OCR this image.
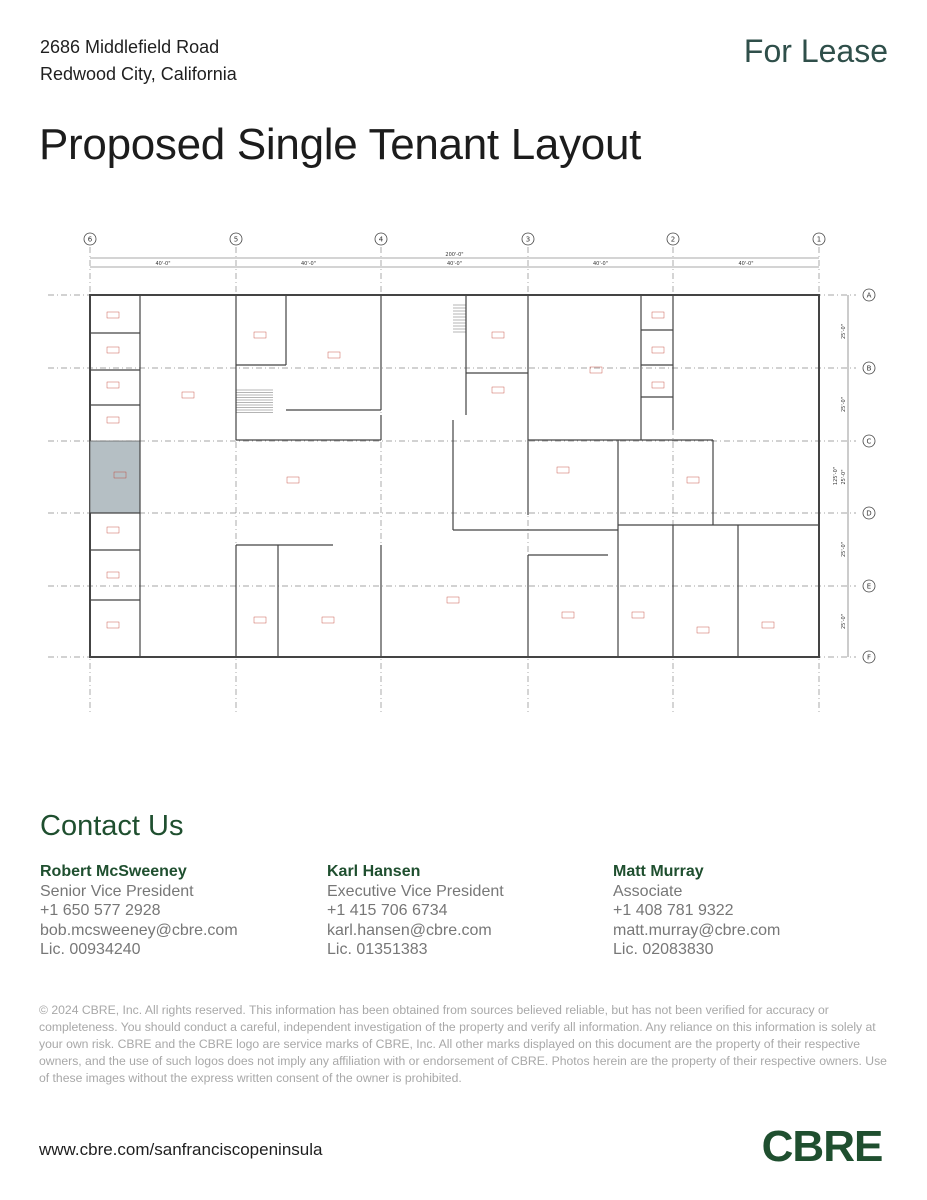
2686 Middlefield Road
Redwood City, California
For Lease
Proposed Single Tenant Layout
6	5	4	3	2	1
A
B
C
D
E
F
200'-0"
40'-0"	40'-0"	40'-0"	40'-0"	40'-0"
25'-0"
25'-0"
25'-0"
25'-0"
25'-0"
125'-0"
Contact Us
Robert McSweeney
Senior Vice President
+1 650 577 2928
bob.mcsweeney@cbre.com
Lic. 00934240
Karl Hansen
Executive Vice President
+1 415 706 6734
karl.hansen@cbre.com
Lic. 01351383
Matt Murray
Associate
+1 408 781 9322
matt.murray@cbre.com
Lic. 02083830

© 2024 CBRE, Inc. All rights reserved. This information has been obtained from sources believed reliable, but has not been verified for accuracy or completeness. You should conduct a careful, independent investigation of the property and verify all information. Any reliance on this information is solely at your own risk. CBRE and the CBRE logo are service marks of CBRE, Inc. All other marks displayed on this document are the property of their respective owners, and the use of such logos does not imply any affiliation with or endorsement of CBRE. Photos herein are the property of their respective owners. Use of these images without the express written consent of the owner is prohibited.

www.cbre.com/sanfranciscopeninsula	CBRE
